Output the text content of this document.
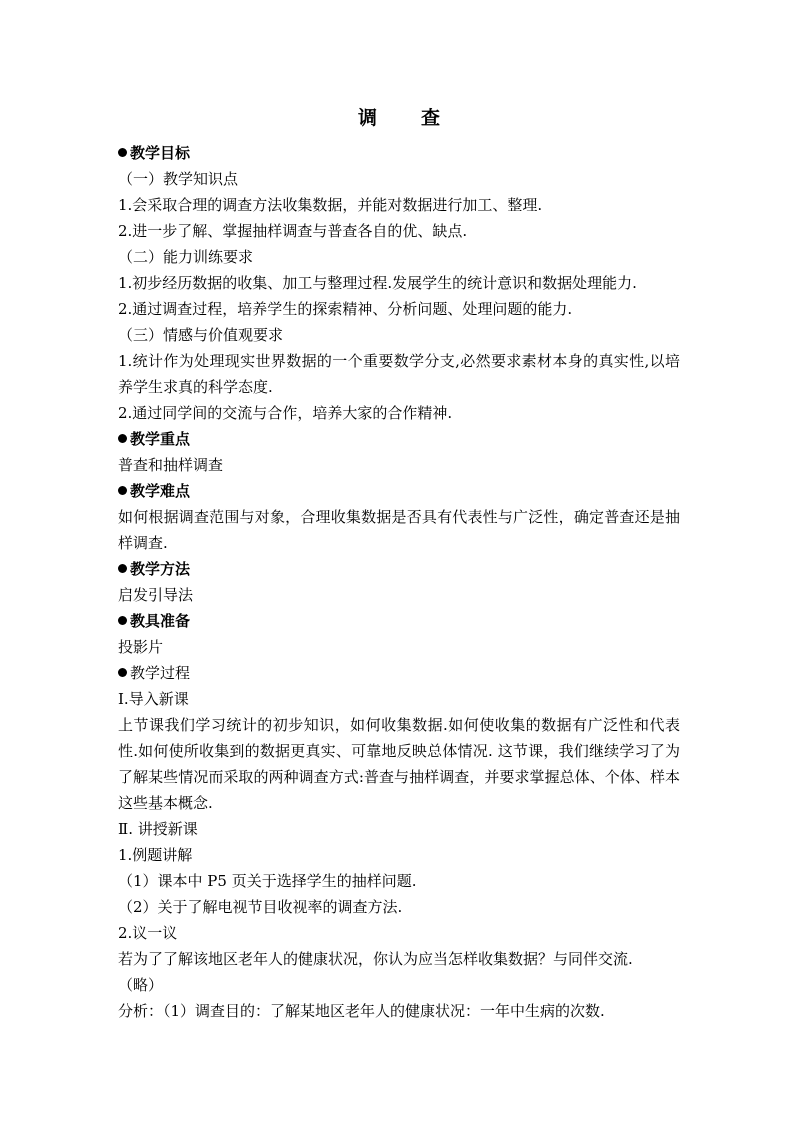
调查
教学目标
（一）教学知识点
1.会采取合理的调查方法收集数据，并能对数据进行加工、整理.
2.进一步了解、掌握抽样调查与普查各自的优、缺点.
（二）能力训练要求
1.初步经历数据的收集、加工与整理过程.发展学生的统计意识和数据处理能力.
2.通过调查过程，培养学生的探索精神、分析问题、处理问题的能力.
（三）情感与价值观要求
1.统计作为处理现实世界数据的一个重要数学分支,必然要求素材本身的真实性,以培养学生求真的科学态度.
2.通过同学间的交流与合作，培养大家的合作精神.
教学重点
普查和抽样调查
教学难点
如何根据调查范围与对象，合理收集数据是否具有代表性与广泛性，确定普查还是抽样调查.
教学方法
启发引导法
教具准备
投影片
教学过程
Ⅰ.导入新课
上节课我们学习统计的初步知识，如何收集数据.如何使收集的数据有广泛性和代表性.如何使所收集到的数据更真实、可靠地反映总体情况. 这节课，我们继续学习了为了解某些情况而采取的两种调查方式:普查与抽样调查，并要求掌握总体、个体、样本这些基本概念.
Ⅱ. 讲授新课
1.例题讲解
（1）课本中 P5 页关于选择学生的抽样问题.
（2）关于了解电视节目收视率的调查方法.
2.议一议
若为了了解该地区老年人的健康状况，你认为应当怎样收集数据？与同伴交流.
（略）
分析：（1）调查目的：了解某地区老年人的健康状况：一年中生病的次数.
